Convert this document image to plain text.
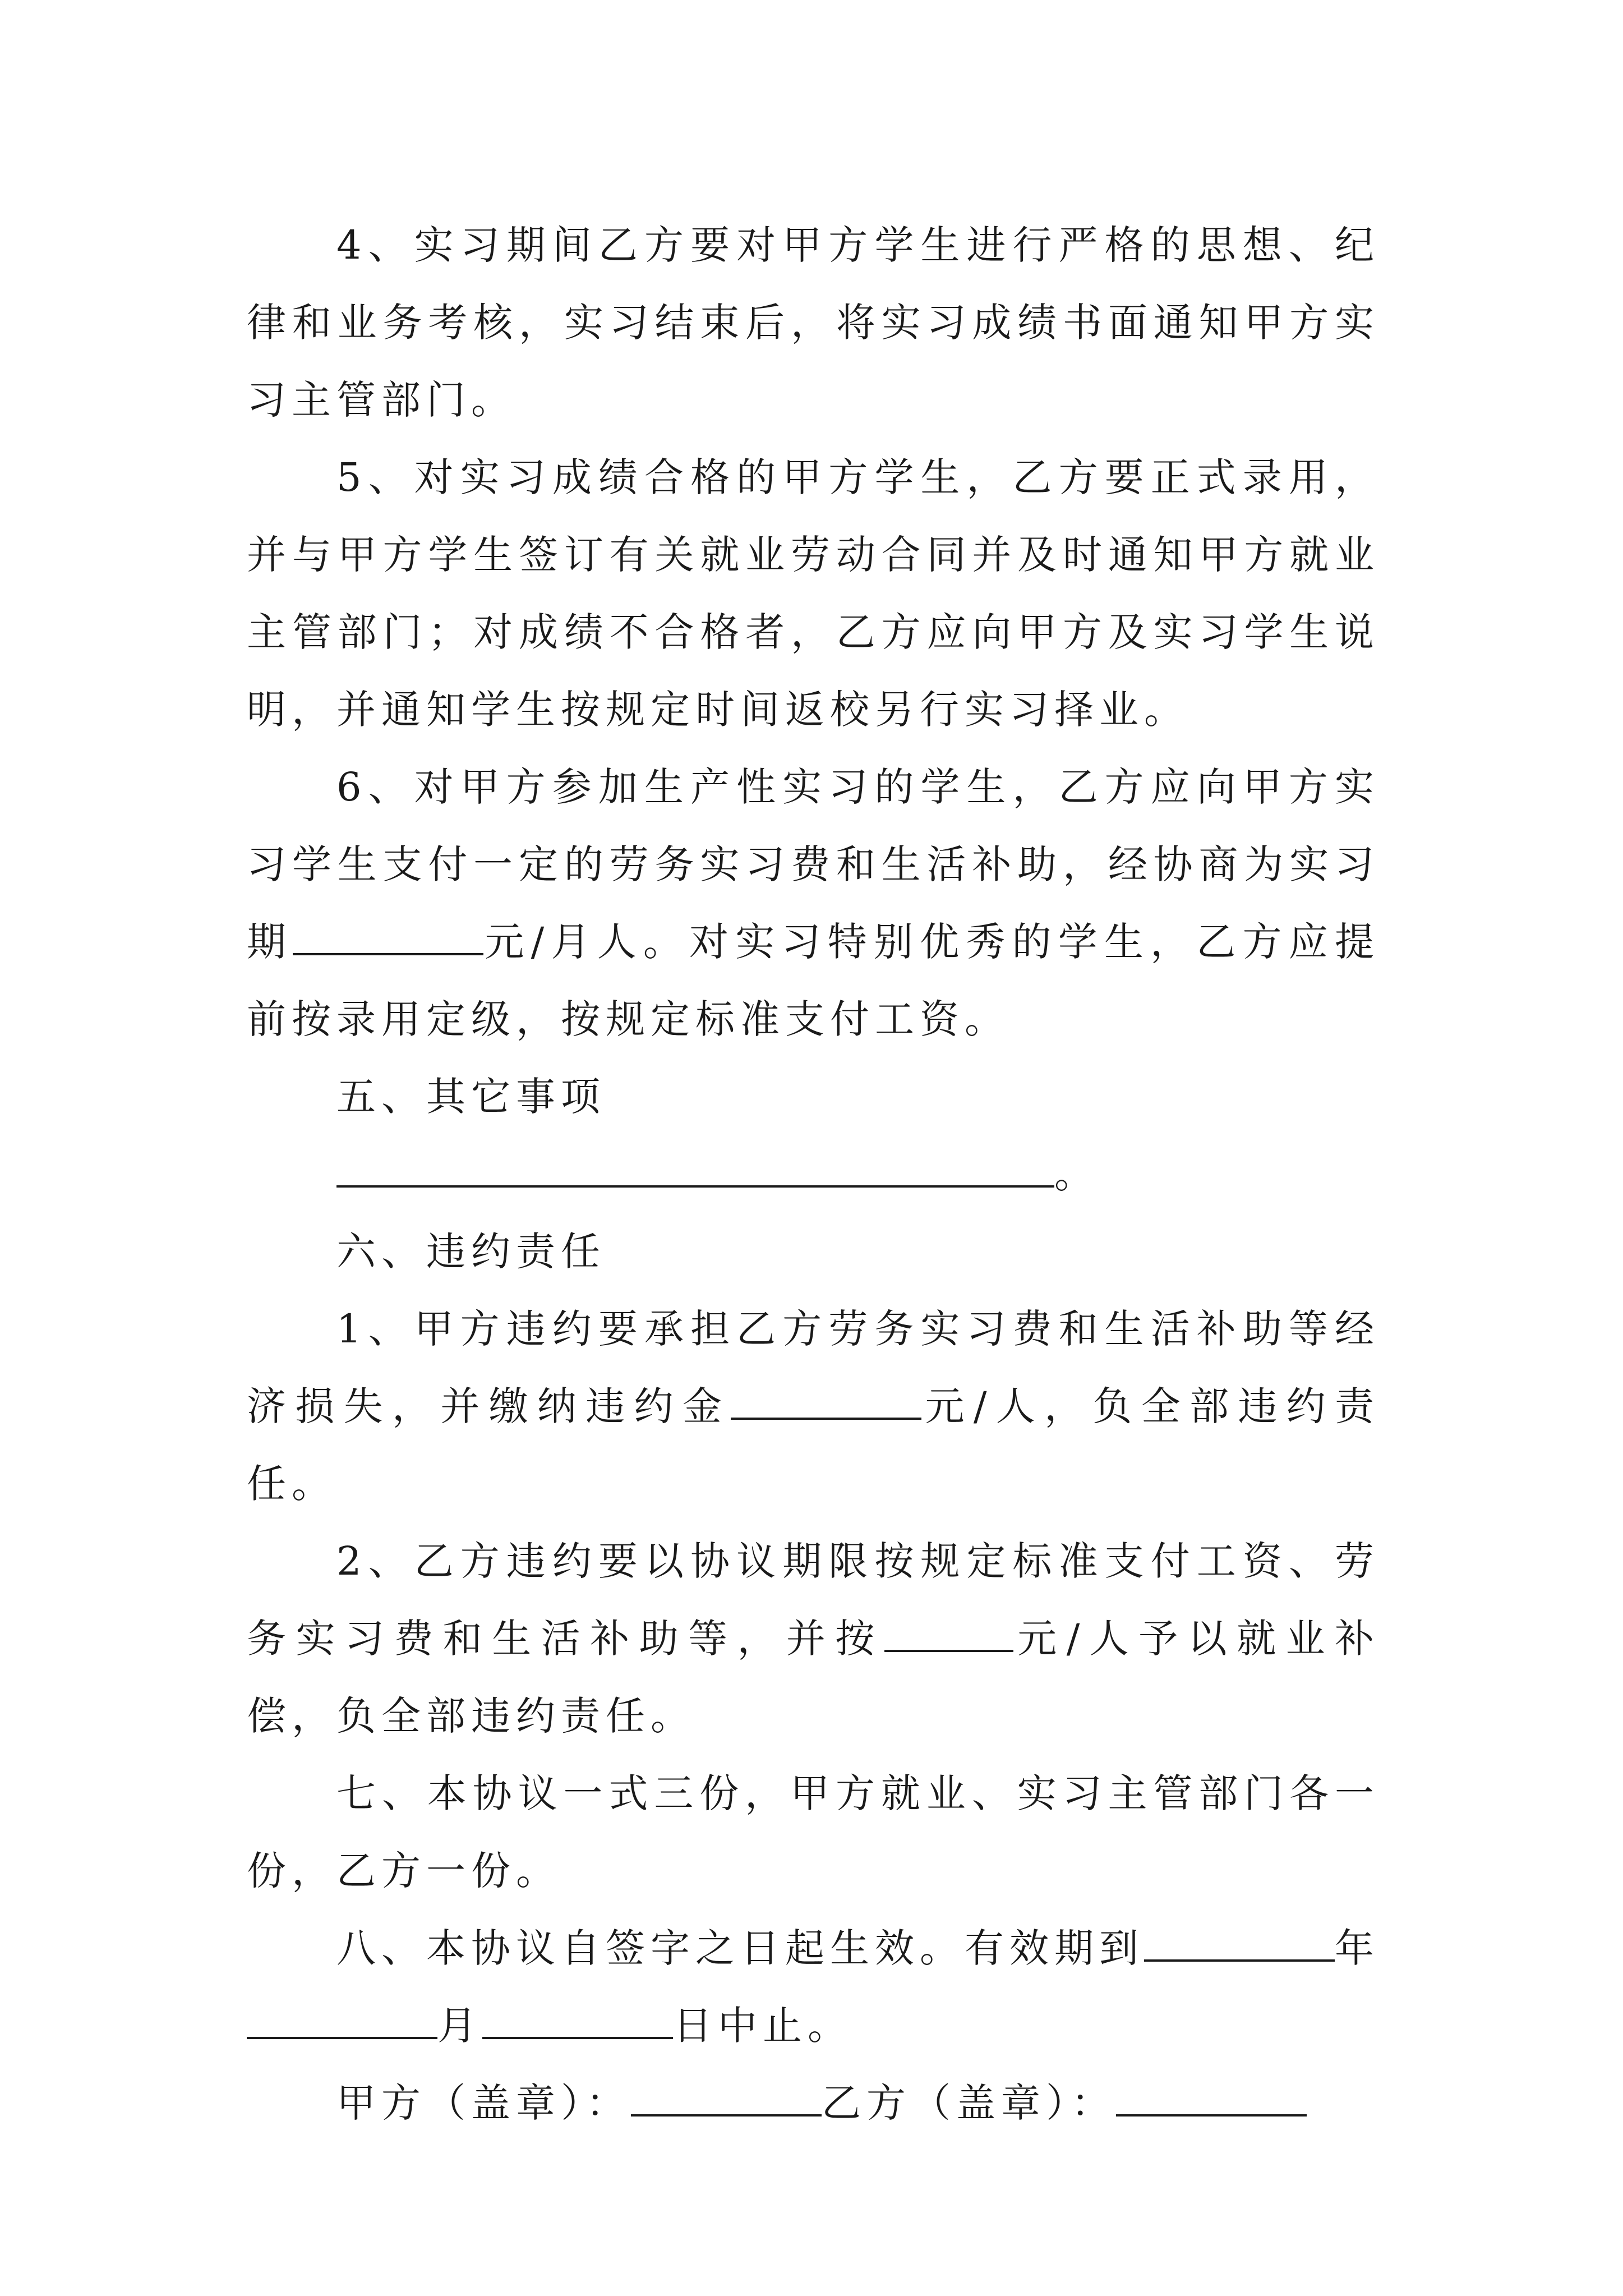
4、实习期间乙方要对甲方学生进行严格的思想、纪律和业务考核，实习结束后，将实习成绩书面通知甲方实习主管部门。

5、对实习成绩合格的甲方学生，乙方要正式录用，并与甲方学生签订有关就业劳动合同并及时通知甲方就业主管部门；对成绩不合格者，乙方应向甲方及实习学生说明，并通知学生按规定时间返校另行实习择业。

6、对甲方参加生产性实习的学生，乙方应向甲方实习学生支付一定的劳务实习费和生活补助，经协商为实习期	元/月人。对实习特别优秀的学生，乙方应提前按录用定级，按规定标准支付工资。

五、其它事项

。

六、违约责任

1、甲方违约要承担乙方劳务实习费和生活补助等经济损失，并缴纳违约金	元/人，负全部违约责任。

2、乙方违约要以协议期限按规定标准支付工资、劳务实习费和生活补助等，并按	元/人予以就业补偿，负全部违约责任。

七、本协议一式三份，甲方就业、实习主管部门各一份，乙方一份。

八、本协议自签字之日起生效。有效期到	年月	日中止。

甲方（盖章）：	乙方（盖章）：
